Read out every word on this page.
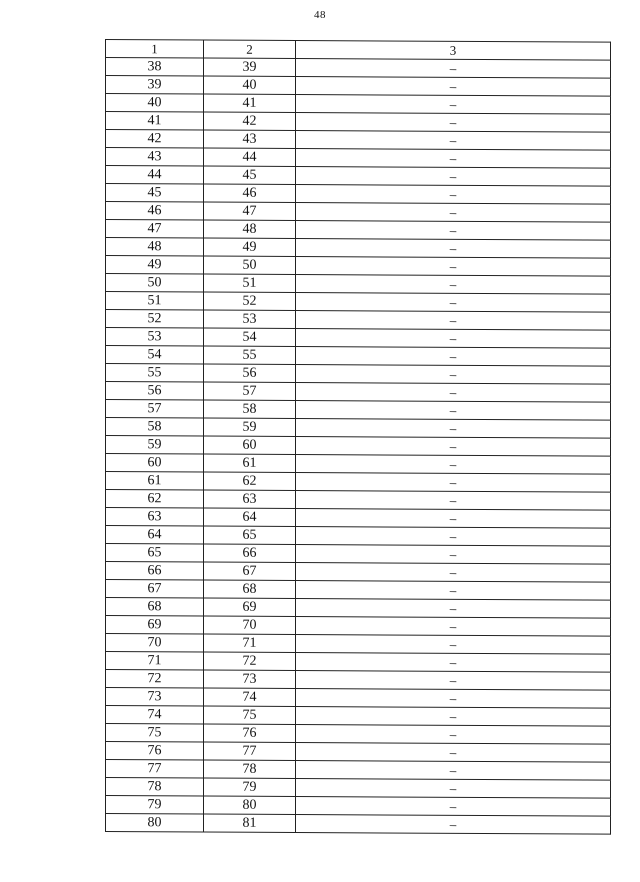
48
1	2	3
38	39	–
39	40	–
40	41	–
41	42	–
42	43	–
43	44	–
44	45	–
45	46	–
46	47	–
47	48	–
48	49	–
49	50	–
50	51	–
51	52	–
52	53	–
53	54	–
54	55	–
55	56	–
56	57	–
57	58	–
58	59	–
59	60	–
60	61	–
61	62	–
62	63	–
63	64	–
64	65	–
65	66	–
66	67	–
67	68	–
68	69	–
69	70	–
70	71	–
71	72	–
72	73	–
73	74	–
74	75	–
75	76	–
76	77	–
77	78	–
78	79	–
79	80	–
80	81	–
